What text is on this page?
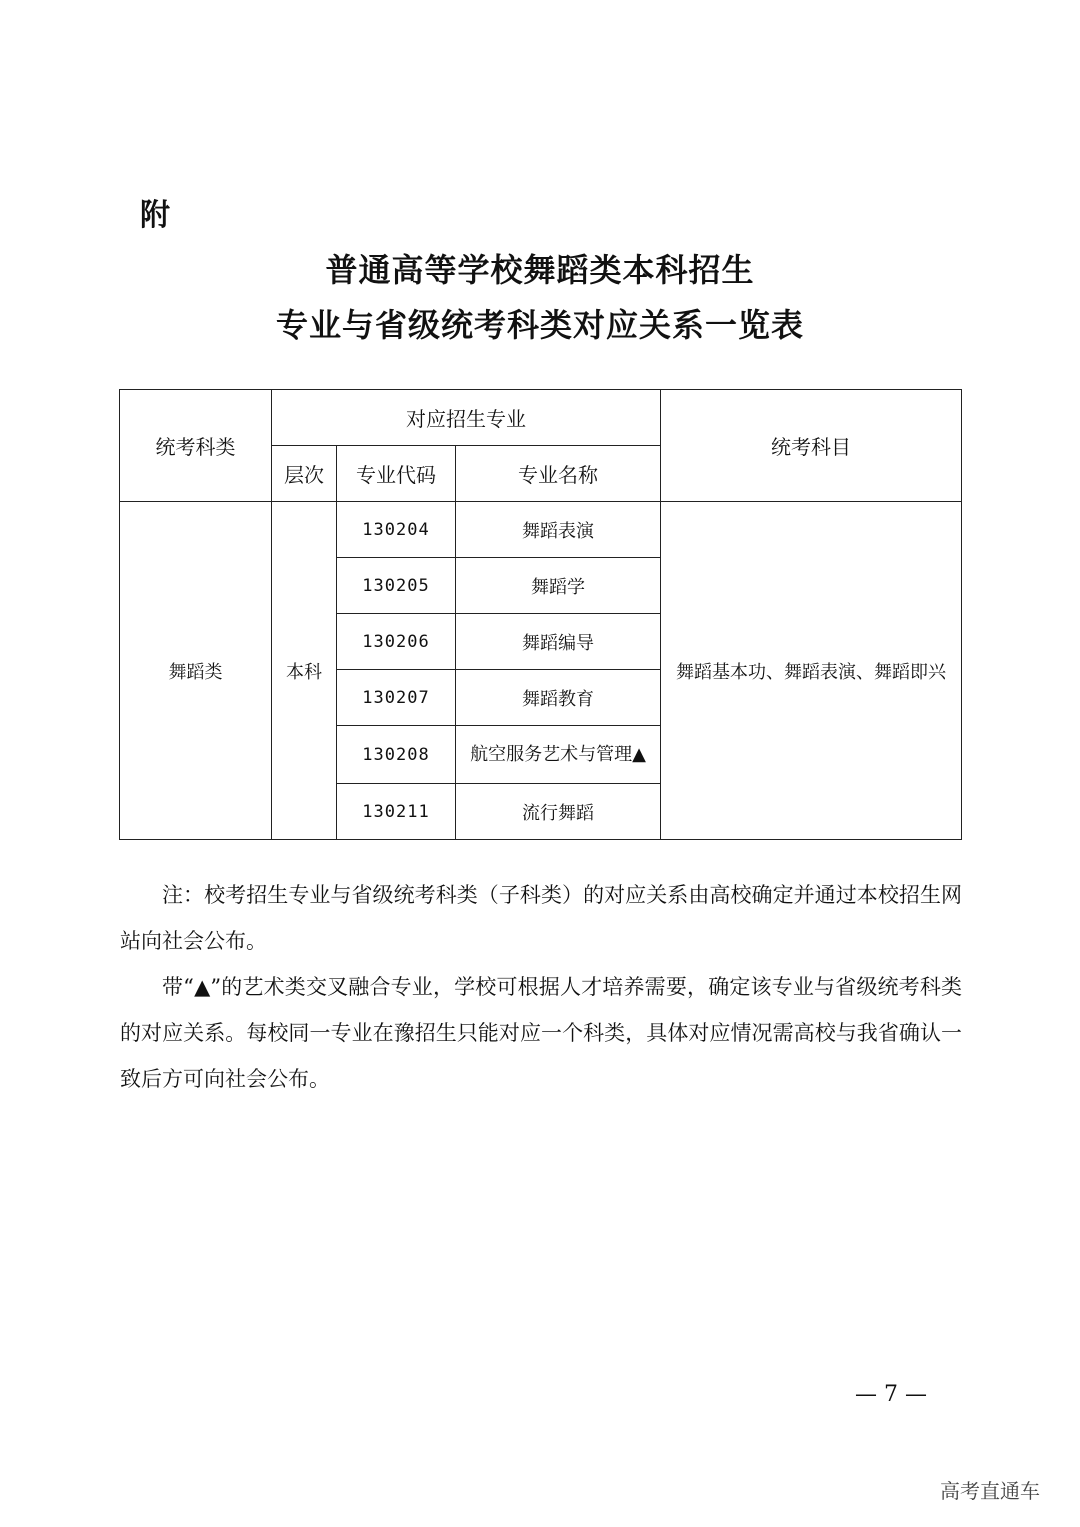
附
普通高等学校舞蹈类本科招生
专业与省级统考科类对应关系一览表
统考科类	对应招生专业			统考科目
	层次	专业代码	专业名称	
舞蹈类	本科	130204	舞蹈表演	舞蹈基本功、舞蹈表演、舞蹈即兴
		130205	舞蹈学	
		130206	舞蹈编导	
		130207	舞蹈教育	
		130208	航空服务艺术与管理▲	
		130211	流行舞蹈	

注：校考招生专业与省级统考科类（子科类）的对应关系由高校确定并通过本校招生网站向社会公布。

带“▲”的艺术类交叉融合专业，学校可根据人才培养需要，确定该专业与省级统考科类的对应关系。每校同一专业在豫招生只能对应一个科类，具体对应情况需高校与我省确认一致后方可向社会公布。

— 7 —
高考直通车
